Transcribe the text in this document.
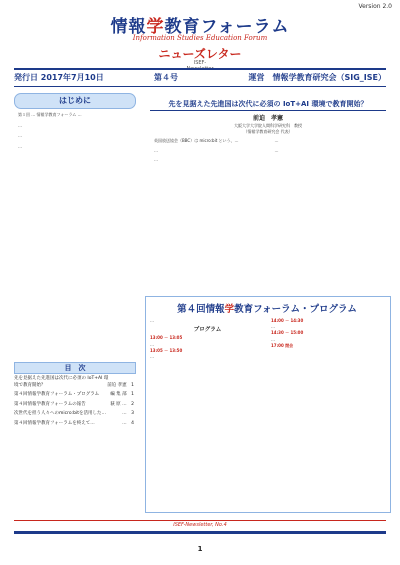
Version 2.0
情報学教育フォーラム
Information Studies Education Forum
ニューズレター
ISEF-
発行日 2017年7月10日	第４号	運営　情報学教育研究会（SIG_ISE）
はじめに

第１回 … 情報学教育フォーラム …

…

…

…

目　次
先を見据えた先進国は次代に必須の IoT+AI 環境で教育開始？	前迫 孝憲　 1
第４回情報学教育フォーラム・プログラム	編 集 部　 1
第４回情報学教育フォーラムの報告	萩 原 …　 2
次世代を担う人々へのmicro:bitを活用した…	…　 3
第４回情報学教育フォーラムを終えて…	…　 4
先を見据えた先進国は次代に必須の IoT+AI 環境で教育開始？
前迫　孝憲
大阪大学大学院人間科学研究科　教授
（情報学教育研究会 代表）

英国放送協会（BBC）は micro:bit という、…

…

…

…

…

第４回情報学教育フォーラム・プログラム
…
プログラム
13:00 － 13:05
…
13:05 － 13:50
…
14:00 － 14:30
…
14:30 － 15:00
…
17:00 閉会
ISEF-Newsletter, No.4
1
